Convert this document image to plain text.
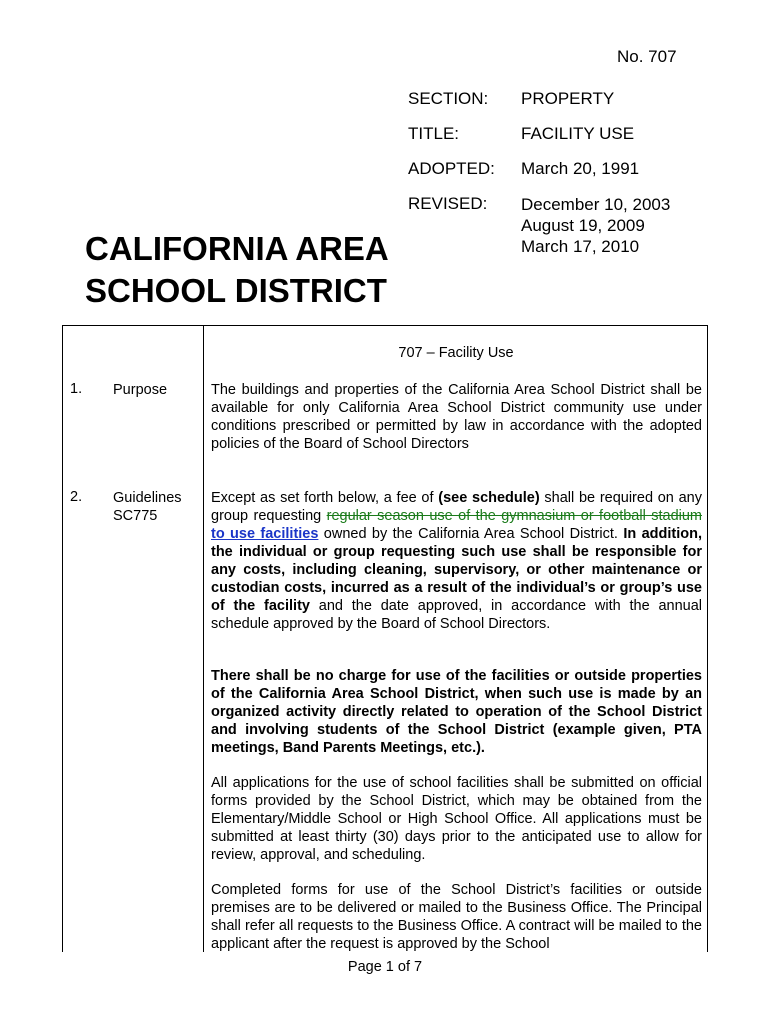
No. 707
SECTION: PROPERTY
TITLE:	FACILITY USE
ADOPTED: March 20, 1991
REVISED: December 10, 2003
August 19, 2009
March 17, 2010
CALIFORNIA AREA
SCHOOL DISTRICT
707 – Facility Use
1. Purpose	The buildings and properties of the California Area School District shall be available for only California Area School District community use under conditions prescribed or permitted by law in accordance with the adopted policies of the Board of School Directors
2. Guidelines
SC775
Except as set forth below, a fee of (see schedule) shall be required on any group requesting regular season use of the gymnasium or football stadium to use facilities owned by the California Area School District. In addition, the individual or group requesting such use shall be responsible for any costs, including cleaning, supervisory, or other maintenance or custodian costs, incurred as a result of the individual’s or group’s use of the facility and the date approved, in accordance with the annual schedule approved by the Board of School Directors.
There shall be no charge for use of the facilities or outside properties of the California Area School District, when such use is made by an organized activity directly related to operation of the School District and involving students of the School District (example given, PTA meetings, Band Parents Meetings, etc.).
All applications for the use of school facilities shall be submitted on official forms provided by the School District, which may be obtained from the Elementary/Middle School or High School Office. All applications must be submitted at least thirty (30) days prior to the anticipated use to allow for review, approval, and scheduling.
Completed forms for use of the School District’s facilities or outside premises are to be delivered or mailed to the Business Office. The Principal shall refer all requests to the Business Office. A contract will be mailed to the applicant after the request is approved by the School
Page 1 of 7
